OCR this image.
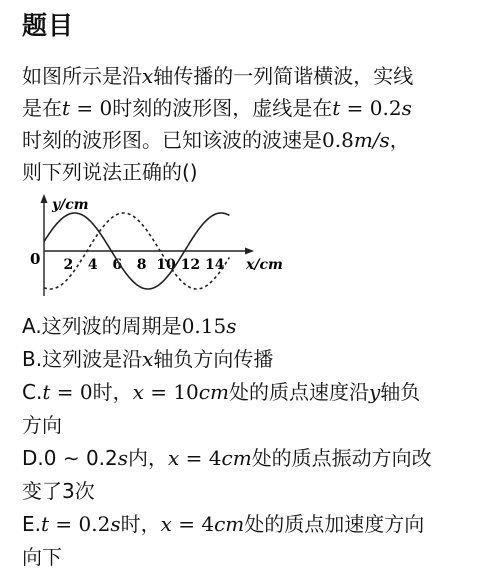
题目
如图所示是沿x轴传播的一列简谐横波，实线
是在t = 0时刻的波形图，虚线是在t = 0.2s
时刻的波形图。已知该波的波速是0.8m/s，
则下列说法正确的()
y/cm
0 2 4 6 8 10 12 14 x/cm
A.这列波的周期是0.15s
B.这列波是沿x轴负方向传播
C.t = 0时，x = 10cm处的质点速度沿y轴负
方向
D.0 ∼ 0.2s内，x = 4cm处的质点振动方向改
变了3次
E.t = 0.2s时，x = 4cm处的质点加速度方向
向下
